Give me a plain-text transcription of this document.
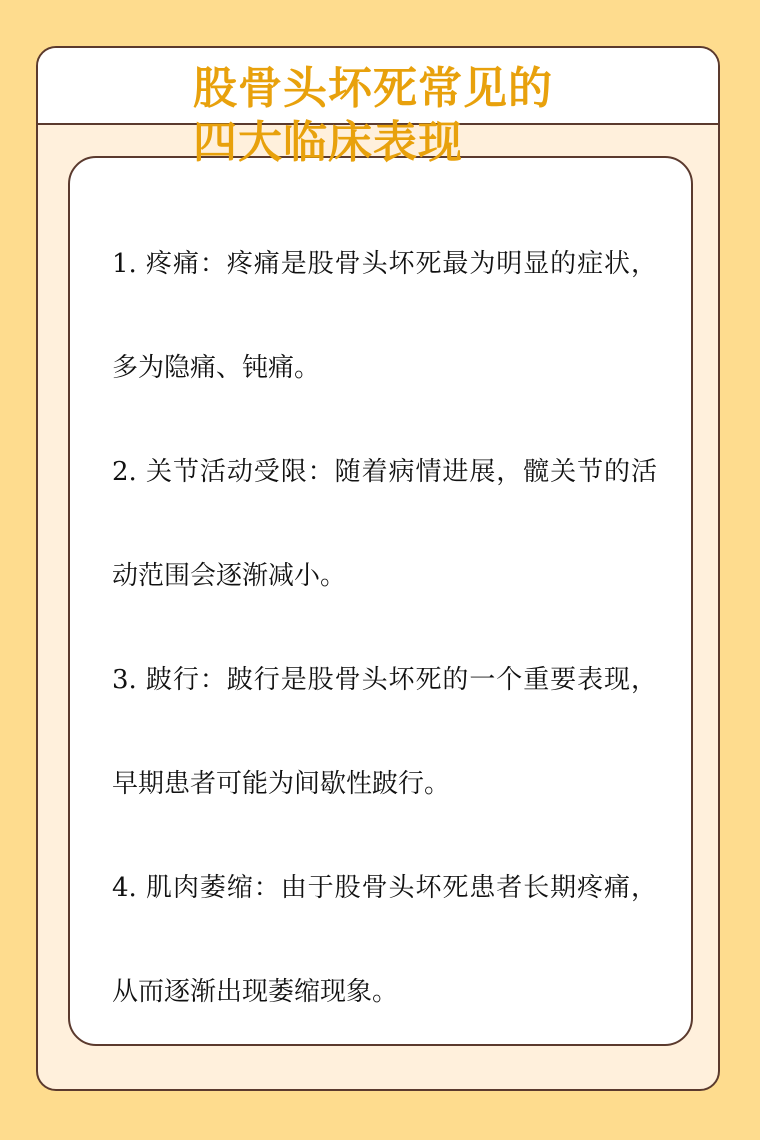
股骨头坏死常见的
四大临床表现

1. 疼痛：疼痛是股骨头坏死最为明显的症状，多为隐痛、钝痛。

2. 关节活动受限：随着病情进展，髋关节的活动范围会逐渐减小。

3. 跛行：跛行是股骨头坏死的一个重要表现，早期患者可能为间歇性跛行。

4. 肌肉萎缩：由于股骨头坏死患者长期疼痛，从而逐渐出现萎缩现象。
